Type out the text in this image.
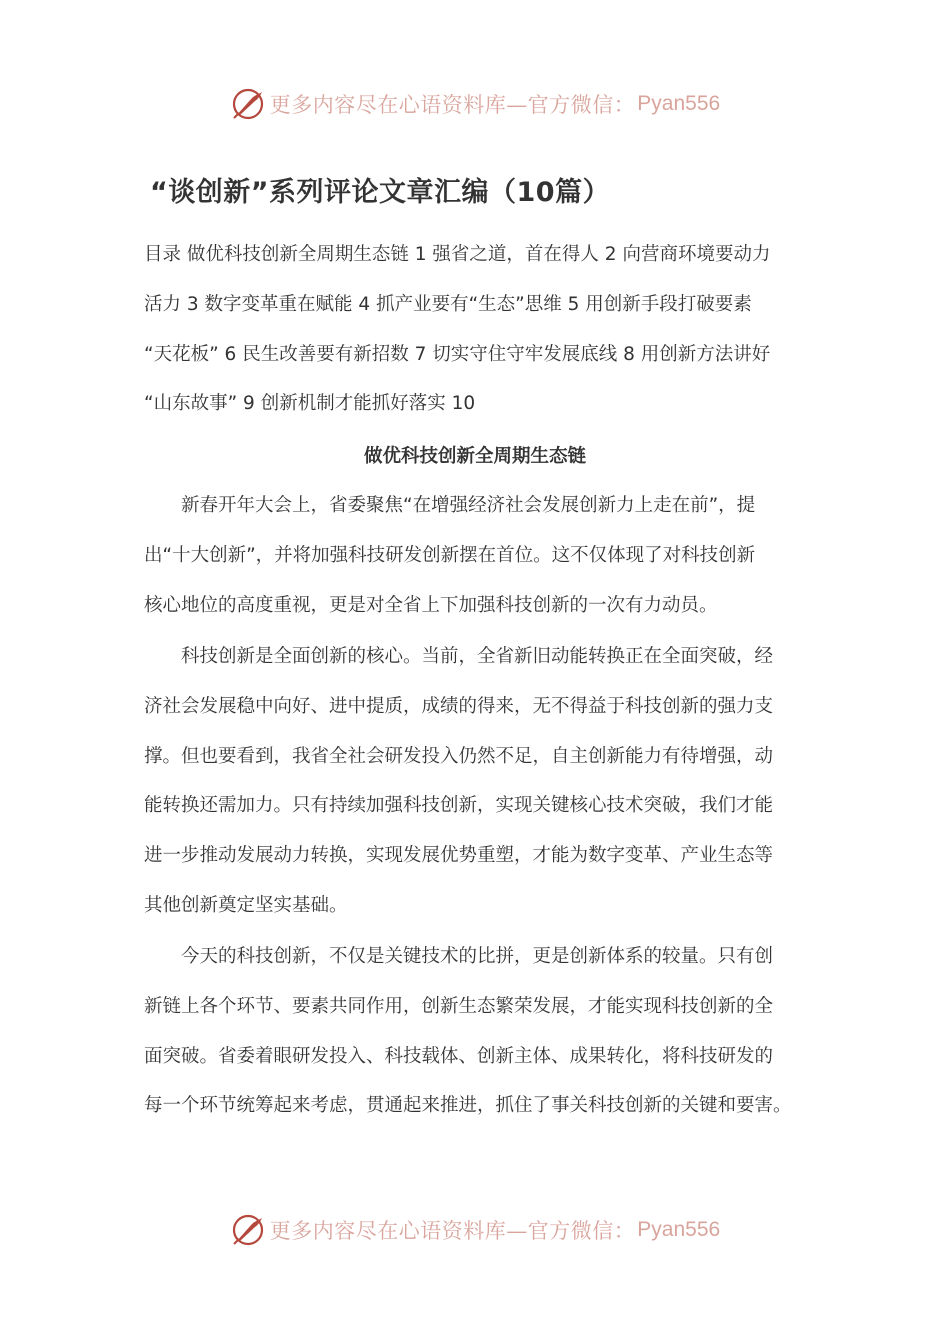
更多内容尽在心语资料库—官方微信： Pyan556
“谈创新”系列评论文章汇编（10篇）
目录 做优科技创新全周期生态链 1 强省之道，首在得人 2 向营商环境要动力
活力 3 数字变革重在赋能 4 抓产业要有“生态”思维 5 用创新手段打破要素
“天花板” 6 民生改善要有新招数 7 切实守住守牢发展底线 8 用创新方法讲好
“山东故事” 9 创新机制才能抓好落实 10
做优科技创新全周期生态链
新春开年大会上，省委聚焦“在增强经济社会发展创新力上走在前”，提
出“十大创新”，并将加强科技研发创新摆在首位。这不仅体现了对科技创新
核心地位的高度重视，更是对全省上下加强科技创新的一次有力动员。
科技创新是全面创新的核心。当前，全省新旧动能转换正在全面突破，经
济社会发展稳中向好、进中提质，成绩的得来，无不得益于科技创新的强力支
撑。但也要看到，我省全社会研发投入仍然不足，自主创新能力有待增强，动
能转换还需加力。只有持续加强科技创新，实现关键核心技术突破，我们才能
进一步推动发展动力转换，实现发展优势重塑，才能为数字变革、产业生态等
其他创新奠定坚实基础。
今天的科技创新，不仅是关键技术的比拼，更是创新体系的较量。只有创
新链上各个环节、要素共同作用，创新生态繁荣发展，才能实现科技创新的全
面突破。省委着眼研发投入、科技载体、创新主体、成果转化，将科技研发的
每一个环节统筹起来考虑，贯通起来推进，抓住了事关科技创新的关键和要害。
更多内容尽在心语资料库—官方微信： Pyan556
